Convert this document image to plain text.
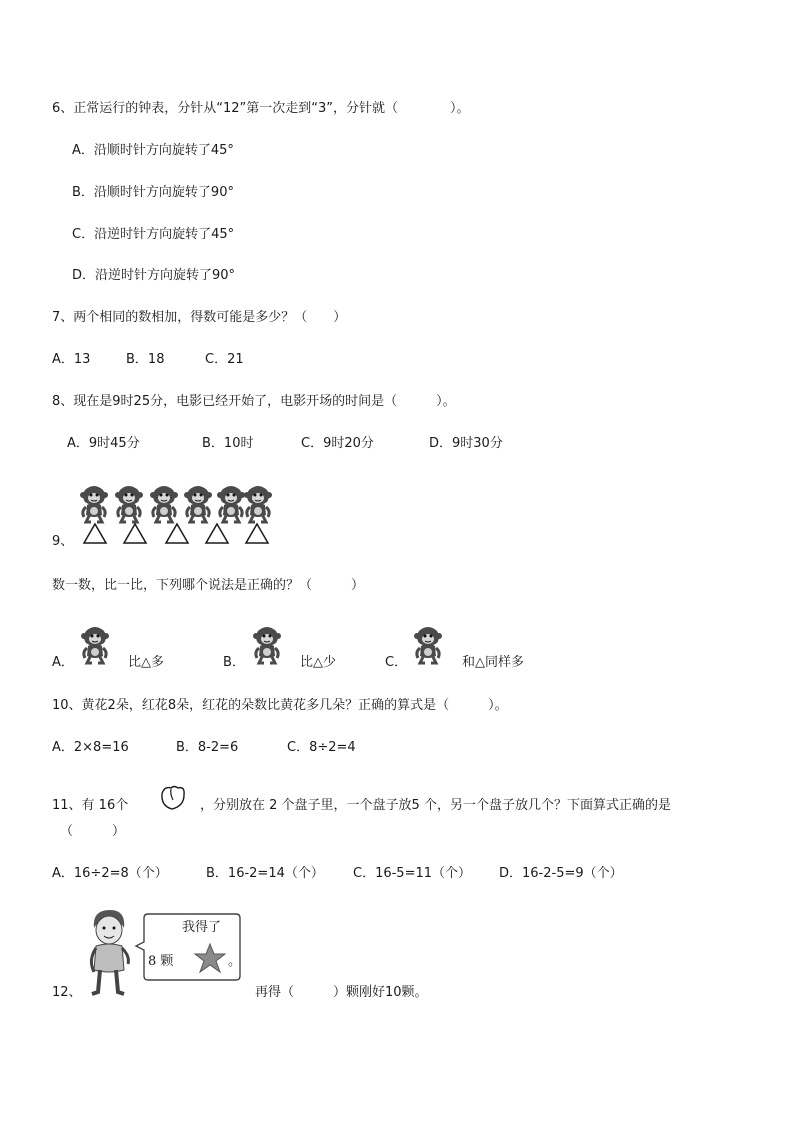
6、正常运行的钟表，分针从“12”第一次走到“3”，分针就（　　　　）。
A．沿顺时针方向旋转了45°
B．沿顺时针方向旋转了90°
C．沿逆时针方向旋转了45°
D．沿逆时针方向旋转了90°
7、两个相同的数相加，得数可能是多少？（　　）
A．13	B．18	C．21
8、现在是9时25分，电影已经开始了，电影开场的时间是（　　　）。
A．9时45分	B．10时	C．9时20分	D．9时30分
9、
数一数，比一比，下列哪个说法是正确的？（　　　）
A．	比△多	B．	比△少	C．	和△同样多
10、黄花2朵，红花8朵，红花的朵数比黄花多几朵？正确的算式是（　　　）。
A．2×8=16	B．8-2=6	C．8÷2=4
11、有 16个	，分别放在 2 个盘子里，一个盘子放5 个，另一个盘子放几个？下面算式正确的是
（　　　）
A．16÷2=8（个）	B．16-2=14（个） C．16-5=11（个） D．16-2-5=9（个）
我得了
8 颗	。
12、	再得（　　　）颗刚好10颗。
